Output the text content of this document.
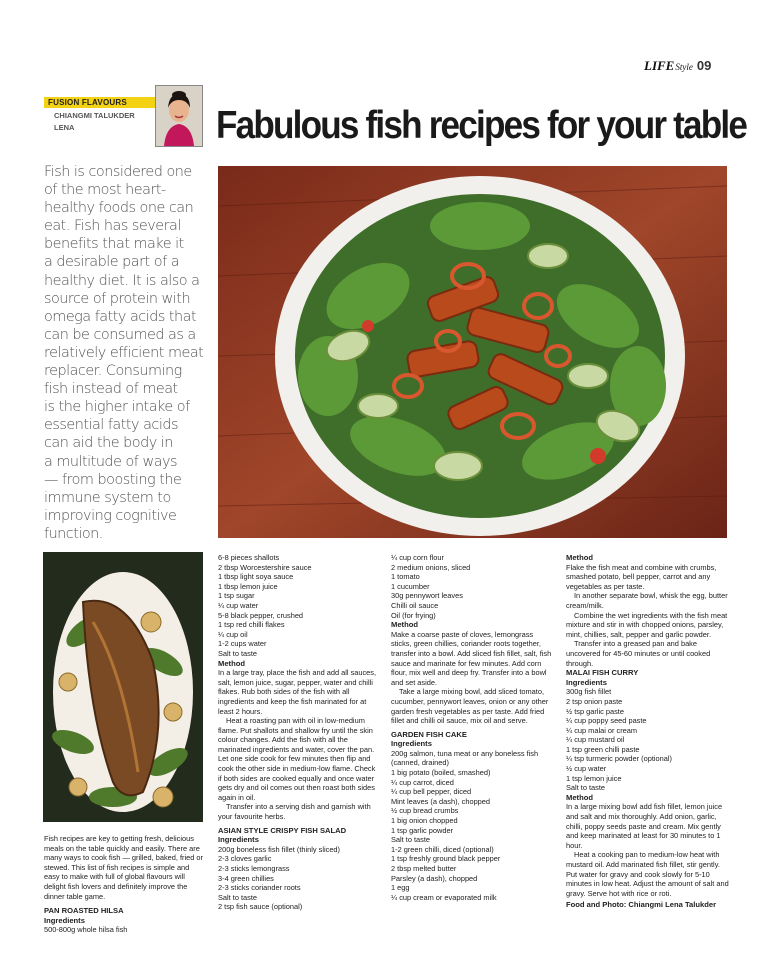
LIFEStyle 09
FUSION FLAVOURS
CHIANGMI TALUKDER
LENA	Fabulous fish recipes for your table
Fish is considered one
of the most heart-
healthy foods one can
eat. Fish has several
benefits that make it
a desirable part of a
healthy diet. It is also a
source of protein with
omega fatty acids that
can be consumed as a
relatively efficient meat
replacer. Consuming
fish instead of meat
is the higher intake of
essential fatty acids
can aid the body in
a multitude of ways
— from boosting the
immune system to
improving cognitive
function.
Fish recipes are key to getting fresh, delicious meals on the table quickly and easily. There are many ways to cook fish — grilled, baked, fried or stewed. This list of fish recipes is simple and easy to make with full of global flavours will delight fish lovers and definitely improve the dinner table game.
PAN ROASTED HILSA
Ingredients
500-800g whole hilsa fish
6-8 pieces shallots
2 tbsp Worcestershire sauce
1 tbsp light soya sauce
1 tbsp lemon juice
1 tsp sugar
¼ cup water
5-8 black pepper, crushed
1 tsp red chilli flakes
¼ cup oil
1-2 cups water
Salt to taste
Method
In a large tray, place the fish and add all sauces, salt, lemon juice, sugar, pepper, water and chilli flakes. Rub both sides of the fish with all ingredients and keep the fish marinated for at least 2 hours.
Heat a roasting pan with oil in low-medium flame. Put shallots and shallow fry until the skin colour changes. Add the fish with all the marinated ingredients and water, cover the pan. Let one side cook for few minutes then flip and cook the other side in medium-low flame. Check if both sides are cooked equally and once water gets dry and oil comes out then roast both sides again in oil.
Transfer into a serving dish and garnish with your favourite herbs.
ASIAN STYLE CRISPY FISH SALAD
Ingredients
200g boneless fish fillet (thinly sliced)
2-3 cloves garlic
2-3 sticks lemongrass
3-4 green chillies
2-3 sticks coriander roots
Salt to taste
2 tsp fish sauce (optional)
¼ cup corn flour
2 medium onions, sliced
1 tomato
1 cucumber
30g pennywort leaves
Chilli oil sauce
Oil (for frying)
Method
Make a coarse paste of cloves, lemongrass sticks, green chillies, coriander roots together, transfer into a bowl. Add sliced fish fillet, salt, fish sauce and marinate for few minutes. Add corn flour, mix well and deep fry. Transfer into a bowl and set aside.
Take a large mixing bowl, add sliced tomato, cucumber, pennywort leaves, onion or any other garden fresh vegetables as per taste. Add fried fillet and chilli oil sauce, mix oil and serve.
GARDEN FISH CAKE
Ingredients
200g salmon, tuna meat or any boneless fish (canned, drained)
1 big potato (boiled, smashed)
¼ cup carrot, diced
¼ cup bell pepper, diced
Mint leaves (a dash), chopped
½ cup bread crumbs
1 big onion chopped
1 tsp garlic powder
Salt to taste
1-2 green chilli, diced (optional)
1 tsp freshly ground black pepper
2 tbsp melted butter
Parsley (a dash), chopped
1 egg
¼ cup cream or evaporated milk
Method
Flake the fish meat and combine with crumbs, smashed potato, bell pepper, carrot and any vegetables as per taste.
In another separate bowl, whisk the egg, butter cream/milk.
Combine the wet ingredients with the fish meat mixture and stir in with chopped onions, parsley, mint, chillies, salt, pepper and garlic powder.
Transfer into a greased pan and bake uncovered for 45-60 minutes or until cooked through.
MALAI FISH CURRY
Ingredients
300g fish fillet
2 tsp onion paste
½ tsp garlic paste
¼ cup poppy seed paste
¼ cup malai or cream
¼ cup mustard oil
1 tsp green chilli paste
¼ tsp turmeric powder (optional)
½ cup water
1 tsp lemon juice
Salt to taste
Method
In a large mixing bowl add fish fillet, lemon juice and salt and mix thoroughly. Add onion, garlic, chilli, poppy seeds paste and cream. Mix gently and keep marinated at least for 30 minutes to 1 hour.
Heat a cooking pan to medium-low heat with mustard oil. Add marinated fish fillet, stir gently. Put water for gravy and cook slowly for 5-10 minutes in low heat. Adjust the amount of salt and gravy. Serve hot with rice or roti.
Food and Photo: Chiangmi Lena Talukder
